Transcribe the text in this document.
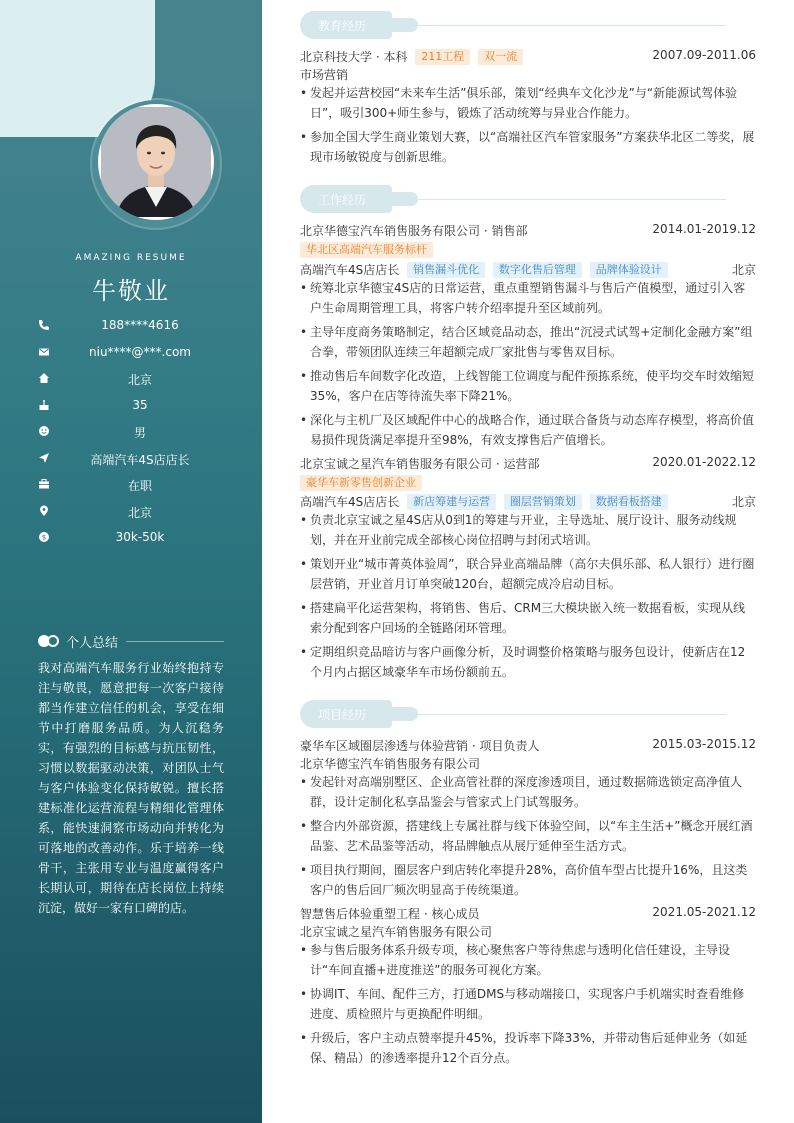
AMAZING RESUME
牛敬业
188****4616
niu****@***.com
北京
35
男
高端汽车4S店店长
在职
北京
$	30k-50k
个人总结
我对高端汽车服务行业始终抱持专注与敬畏，愿意把每一次客户接待都当作建立信任的机会，享受在细节中打磨服务品质。为人沉稳务实，有强烈的目标感与抗压韧性，习惯以数据驱动决策，对团队士气与客户体验变化保持敏锐。擅长搭建标准化运营流程与精细化管理体系，能快速洞察市场动向并转化为可落地的改善动作。乐于培养一线骨干，主张用专业与温度赢得客户长期认可，期待在店长岗位上持续沉淀，做好一家有口碑的店。
教育经历
北京科技大学 · 本科 211工程 双一流	2007.09-2011.06
市场营销
• 发起并运营校园“未来车生活”俱乐部，策划“经典车文化沙龙”与“新能源试驾体验日”，吸引300+师生参与，锻炼了活动统筹与异业合作能力。
• 参加全国大学生商业策划大赛，以“高端社区汽车管家服务”方案获华北区二等奖，展现市场敏锐度与创新思维。
工作经历
北京华德宝汽车销售服务有限公司 · 销售部	2014.01-2019.12
华北区高端汽车服务标杆
高端汽车4S店店长 销售漏斗优化 数字化售后管理 品牌体验设计	北京
• 统筹北京华德宝4S店的日常运营，重点重塑销售漏斗与售后产值模型，通过引入客户生命周期管理工具，将客户转介绍率提升至区域前列。
• 主导年度商务策略制定，结合区域竞品动态，推出“沉浸式试驾+定制化金融方案”组合拳，带领团队连续三年超额完成厂家批售与零售双目标。
• 推动售后车间数字化改造，上线智能工位调度与配件预拣系统，使平均交车时效缩短35%，客户在店等待流失率下降21%。
• 深化与主机厂及区域配件中心的战略合作，通过联合备货与动态库存模型，将高价值易损件现货满足率提升至98%，有效支撑售后产值增长。
北京宝诚之星汽车销售服务有限公司 · 运营部	2020.01-2022.12
豪华车新零售创新企业
高端汽车4S店店长 新店筹建与运营 圈层营销策划 数据看板搭建	北京
• 负责北京宝诚之星4S店从0到1的筹建与开业，主导选址、展厅设计、服务动线规划，并在开业前完成全部核心岗位招聘与封闭式培训。
• 策划开业“城市菁英体验周”，联合异业高端品牌（高尔夫俱乐部、私人银行）进行圈层营销，开业首月订单突破120台，超额完成冷启动目标。
• 搭建扁平化运营架构，将销售、售后、CRM三大模块嵌入统一数据看板，实现从线索分配到客户回场的全链路闭环管理。
• 定期组织竞品暗访与客户画像分析，及时调整价格策略与服务包设计，使新店在12个月内占据区域豪华车市场份额前五。
项目经历
豪华车区域圈层渗透与体验营销 · 项目负责人	2015.03-2015.12
北京华德宝汽车销售服务有限公司
• 发起针对高端别墅区、企业高管社群的深度渗透项目，通过数据筛选锁定高净值人群，设计定制化私享品鉴会与管家式上门试驾服务。
• 整合内外部资源，搭建线上专属社群与线下体验空间，以“车主生活+”概念开展红酒品鉴、艺术品鉴等活动，将品牌触点从展厅延伸至生活方式。
• 项目执行期间，圈层客户到店转化率提升28%，高价值车型占比提升16%，且这类客户的售后回厂频次明显高于传统渠道。
智慧售后体验重塑工程 · 核心成员	2021.05-2021.12
北京宝诚之星汽车销售服务有限公司
• 参与售后服务体系升级专项，核心聚焦客户等待焦虑与透明化信任建设，主导设计“车间直播+进度推送”的服务可视化方案。
• 协调IT、车间、配件三方，打通DMS与移动端接口，实现客户手机端实时查看维修进度、质检照片与更换配件明细。
• 升级后，客户主动点赞率提升45%，投诉率下降33%，并带动售后延伸业务（如延保、精品）的渗透率提升12个百分点。
